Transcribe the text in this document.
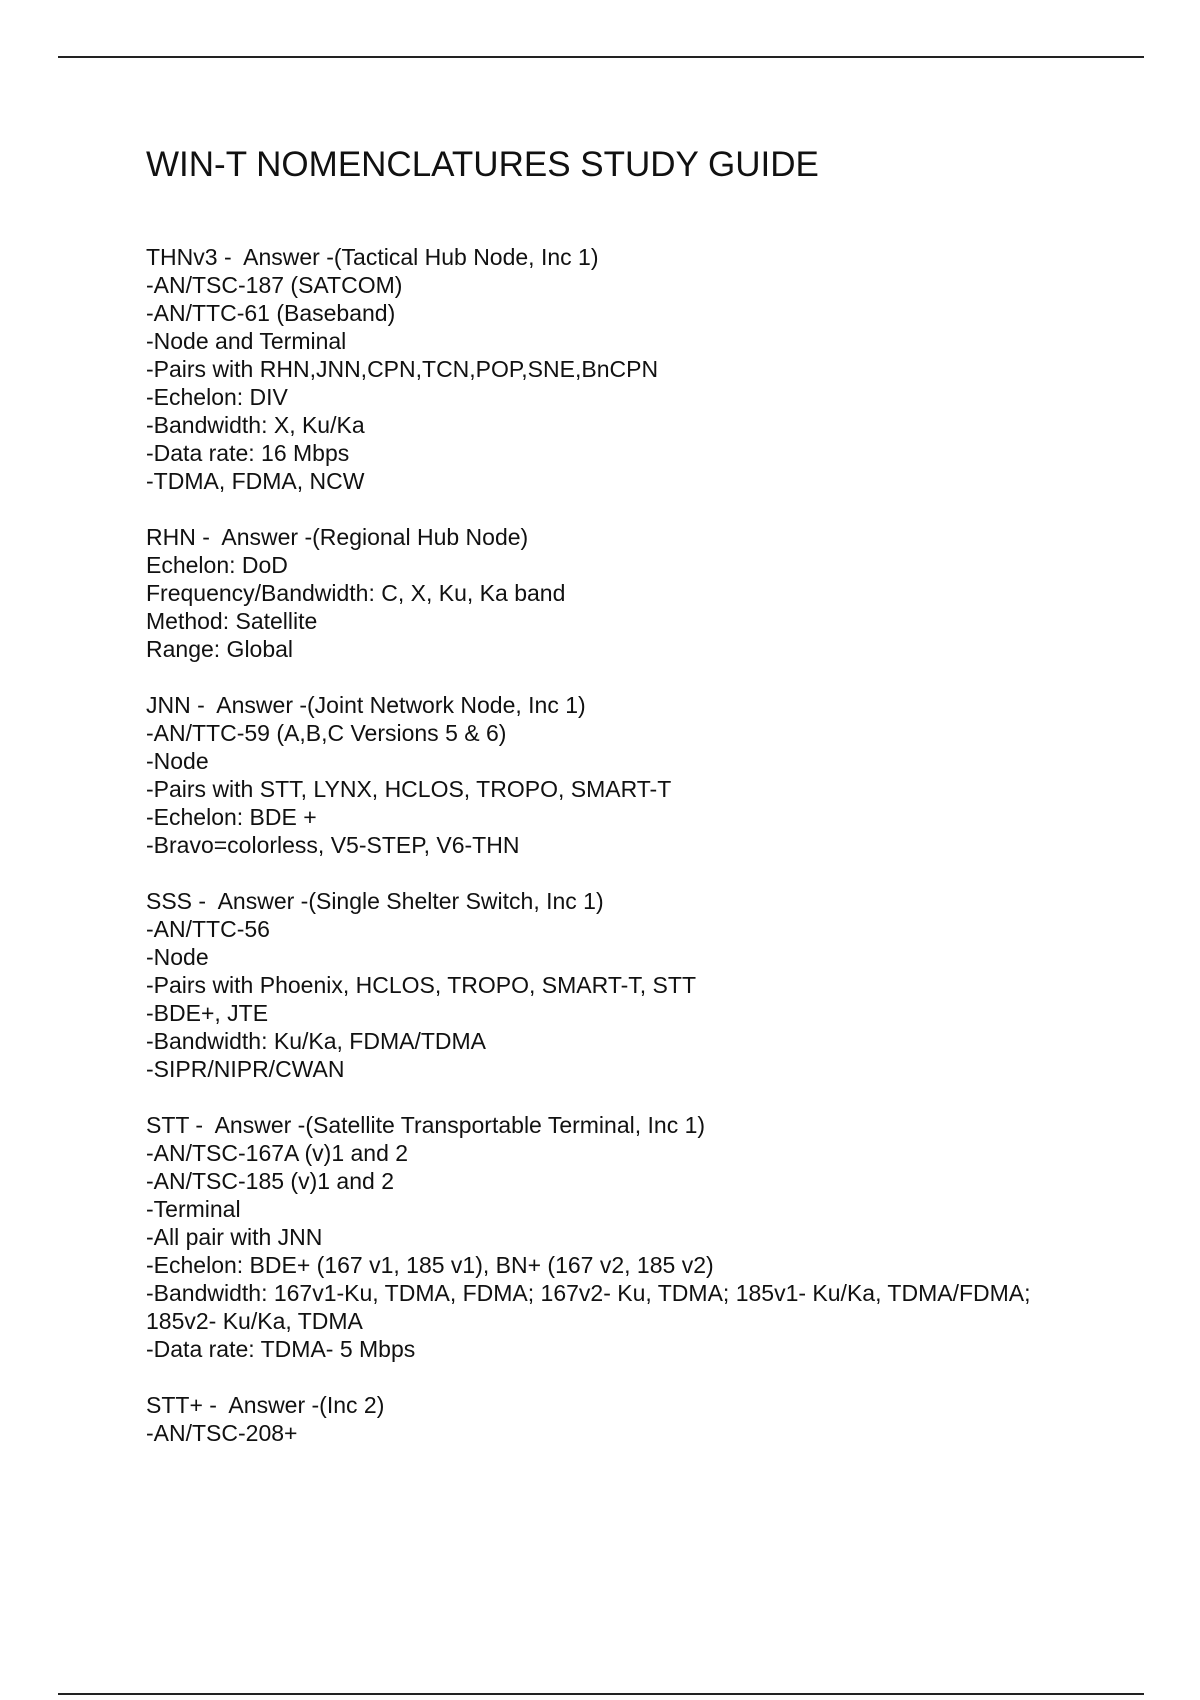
WIN-T NOMENCLATURES STUDY GUIDE
THNv3 -  Answer -(Tactical Hub Node, Inc 1)
-AN/TSC-187 (SATCOM)
-AN/TTC-61 (Baseband)
-Node and Terminal
-Pairs with RHN,JNN,CPN,TCN,POP,SNE,BnCPN
-Echelon: DIV
-Bandwidth: X, Ku/Ka
-Data rate: 16 Mbps
-TDMA, FDMA, NCW
RHN -  Answer -(Regional Hub Node)
Echelon: DoD
Frequency/Bandwidth: C, X, Ku, Ka band
Method: Satellite
Range: Global
JNN -  Answer -(Joint Network Node, Inc 1)
-AN/TTC-59 (A,B,C Versions 5 & 6)
-Node
-Pairs with STT, LYNX, HCLOS, TROPO, SMART-T
-Echelon: BDE +
-Bravo=colorless, V5-STEP, V6-THN
SSS -  Answer -(Single Shelter Switch, Inc 1)
-AN/TTC-56
-Node
-Pairs with Phoenix, HCLOS, TROPO, SMART-T, STT
-BDE+, JTE
-Bandwidth: Ku/Ka, FDMA/TDMA
-SIPR/NIPR/CWAN
STT -  Answer -(Satellite Transportable Terminal, Inc 1)
-AN/TSC-167A (v)1 and 2
-AN/TSC-185 (v)1 and 2
-Terminal
-All pair with JNN
-Echelon: BDE+ (167 v1, 185 v1), BN+ (167 v2, 185 v2)
-Bandwidth: 167v1-Ku, TDMA, FDMA; 167v2- Ku, TDMA; 185v1- Ku/Ka, TDMA/FDMA;
185v2- Ku/Ka, TDMA
-Data rate: TDMA- 5 Mbps
STT+ -  Answer -(Inc 2)
-AN/TSC-208+
